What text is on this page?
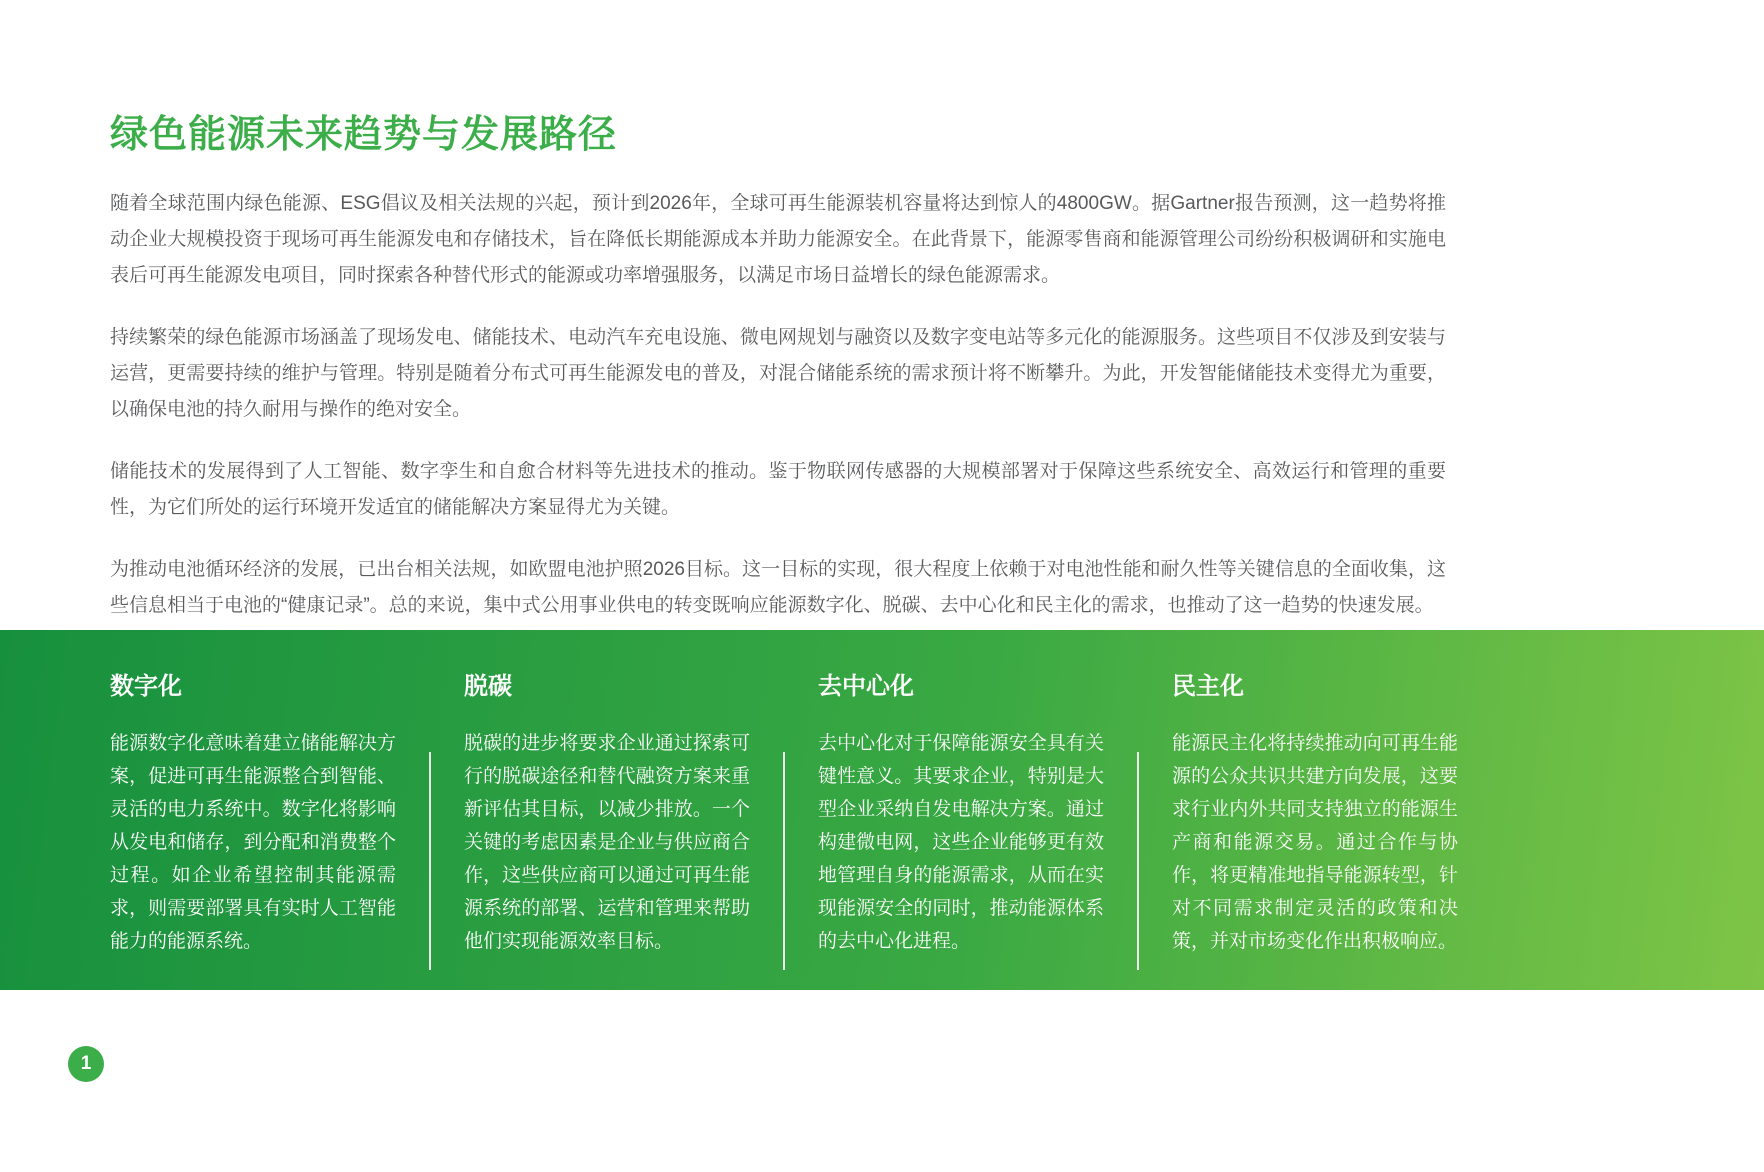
绿色能源未来趋势与发展路径

随着全球范围内绿色能源、ESG倡议及相关法规的兴起，预计到2026年，全球可再生能源装机容量将达到惊人的4800GW。据Gartner报告预测，这一趋势将推动企业大规模投资于现场可再生能源发电和存储技术，旨在降低长期能源成本并助力能源安全。在此背景下，能源零售商和能源管理公司纷纷积极调研和实施电表后可再生能源发电项目，同时探索各种替代形式的能源或功率增强服务，以满足市场日益增长的绿色能源需求。

持续繁荣的绿色能源市场涵盖了现场发电、储能技术、电动汽车充电设施、微电网规划与融资以及数字变电站等多元化的能源服务。这些项目不仅涉及到安装与运营，更需要持续的维护与管理。特别是随着分布式可再生能源发电的普及，对混合储能系统的需求预计将不断攀升。为此，开发智能储能技术变得尤为重要，以确保电池的持久耐用与操作的绝对安全。

储能技术的发展得到了人工智能、数字孪生和自愈合材料等先进技术的推动。鉴于物联网传感器的大规模部署对于保障这些系统安全、高效运行和管理的重要性，为它们所处的运行环境开发适宜的储能解决方案显得尤为关键。

为推动电池循环经济的发展，已出台相关法规，如欧盟电池护照2026目标。这一目标的实现，很大程度上依赖于对电池性能和耐久性等关键信息的全面收集，这些信息相当于电池的“健康记录”。总的来说，集中式公用事业供电的转变既响应能源数字化、脱碳、去中心化和民主化的需求，也推动了这一趋势的快速发展。

数字化

能源数字化意味着建立储能解决方案，促进可再生能源整合到智能、灵活的电力系统中。数字化将影响从发电和储存，到分配和消费整个过程。如企业希望控制其能源需求，则需要部署具有实时人工智能能力的能源系统。

脱碳

脱碳的进步将要求企业通过探索可行的脱碳途径和替代融资方案来重新评估其目标，以减少排放。一个关键的考虑因素是企业与供应商合作，这些供应商可以通过可再生能源系统的部署、运营和管理来帮助他们实现能源效率目标。

去中心化

去中心化对于保障能源安全具有关键性意义。其要求企业，特别是大型企业采纳自发电解决方案。通过构建微电网，这些企业能够更有效地管理自身的能源需求，从而在实现能源安全的同时，推动能源体系的去中心化进程。

民主化

能源民主化将持续推动向可再生能源的公众共识共建方向发展，这要求行业内外共同支持独立的能源生产商和能源交易。通过合作与协作，将更精准地指导能源转型，针对不同需求制定灵活的政策和决策，并对市场变化作出积极响应。

1
